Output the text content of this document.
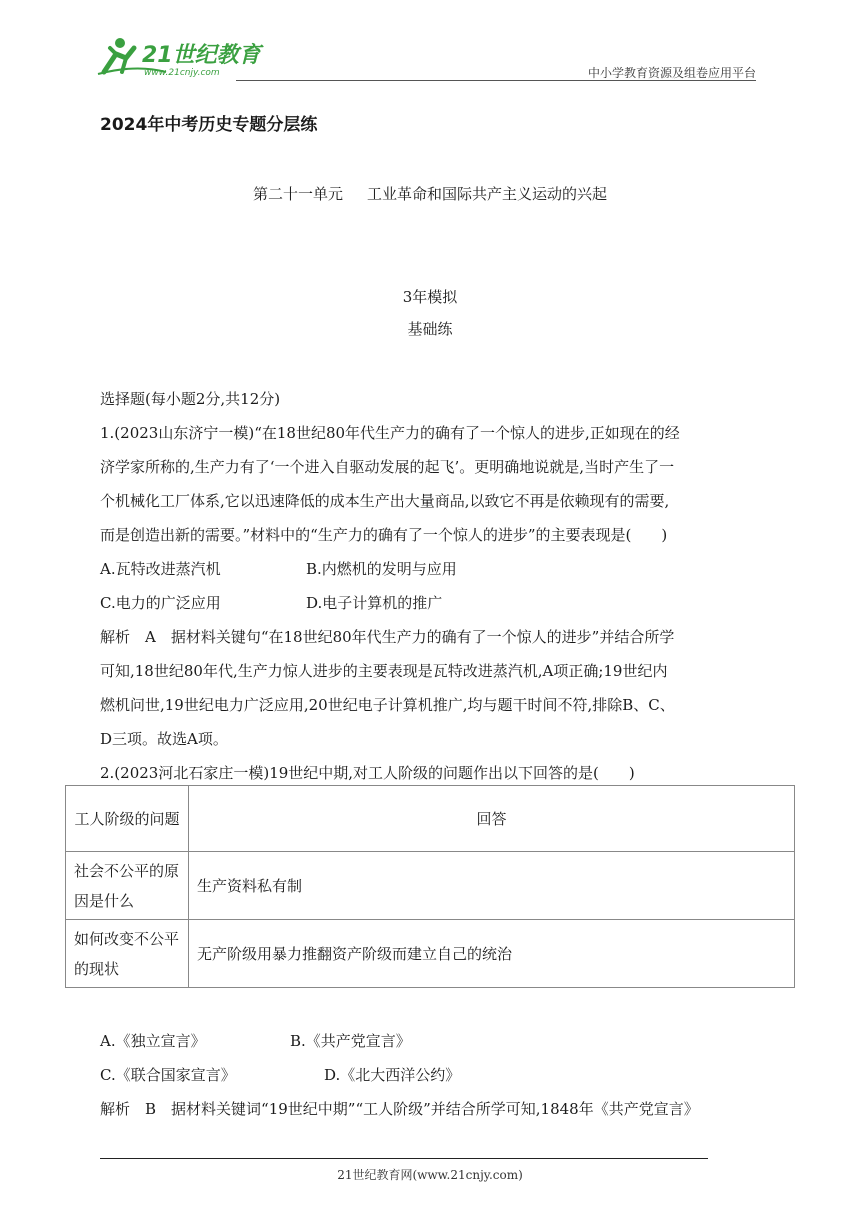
21世纪教育
www.21cnjy.com	中小学教育资源及组卷应用平台
2024年中考历史专题分层练
第二十一单元 工业革命和国际共产主义运动的兴起
3年模拟
基础练

选择题(每小题2分,共12分)

1.(2023山东济宁一模)“在18世纪80年代生产力的确有了一个惊人的进步,正如现在的经

济学家所称的,生产力有了‘一个进入自驱动发展的起飞’。更明确地说就是,当时产生了一

个机械化工厂体系,它以迅速降低的成本生产出大量商品,以致它不再是依赖现有的需要,

而是创造出新的需要。”材料中的“生产力的确有了一个惊人的进步”的主要表现是(　　)

A.瓦特改进蒸汽机	B.内燃机的发明与应用
C.电力的广泛应用	D.电子计算机的推广

解析　A　据材料关键句“在18世纪80年代生产力的确有了一个惊人的进步”并结合所学

可知,18世纪80年代,生产力惊人进步的主要表现是瓦特改进蒸汽机,A项正确;19世纪内

燃机问世,19世纪电力广泛应用,20世纪电子计算机推广,均与题干时间不符,排除B、C、

D三项。故选A项。

2.(2023河北石家庄一模)19世纪中期,对工人阶级的问题作出以下回答的是(　　)

工人阶级的问题	回答
社会不公平的原因是什么	生产资料私有制
如何改变不公平的现状	无产阶级用暴力推翻资产阶级而建立自己的统治
A.《独立宣言》	B.《共产党宣言》
C.《联合国家宣言》	D.《北大西洋公约》

解析　B　据材料关键词“19世纪中期”“工人阶级”并结合所学可知,1848年《共产党宣言》

21世纪教育网(www.21cnjy.com)
